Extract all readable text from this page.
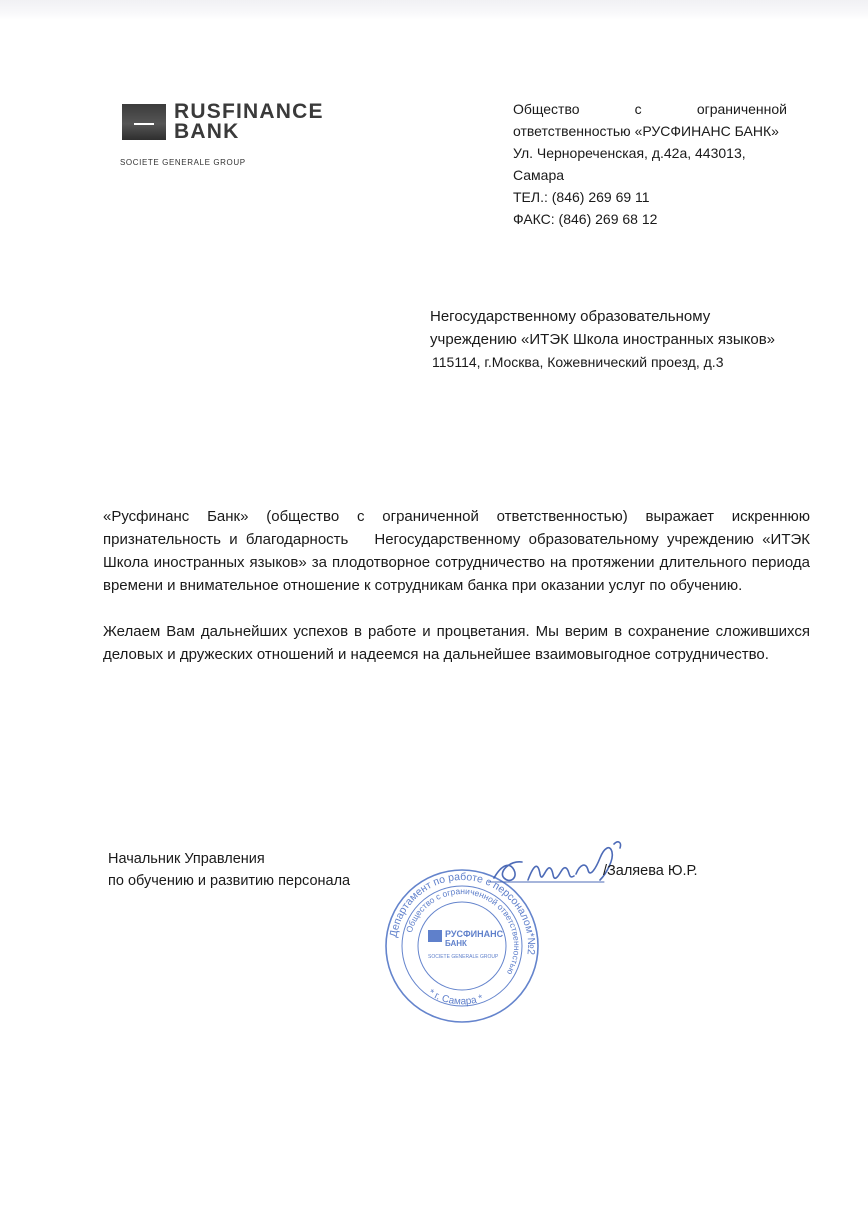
RUSFINANCE
BANK
SOCIETE GENERALE GROUP
Общество с ограниченной
ответственностью «РУСФИНАНС БАНК»
Ул. Чернореченская, д.42а, 443013,
Самара
ТЕЛ.: (846) 269 69 11
ФАКС: (846) 269 68 12
Негосударственному образовательному
учреждению «ИТЭК Школа иностранных языков»
115114, г.Москва, Кожевнический проезд, д.3

«Русфинанс Банк» (общество с ограниченной ответственностью) выражает искреннюю признательность и благодарность Негосударственному образовательному учреждению «ИТЭК Школа иностранных языков» за плодотворное сотрудничество на протяжении длительного периода времени и внимательное отношение к сотрудникам банка при оказании услуг по обучению.

Желаем Вам дальнейших успехов в работе и процветания. Мы верим в сохранение сложившихся деловых и дружеских отношений и надеемся на дальнейшее взаимовыгодное сотрудничество.

Начальник Управления
по обучению и развитию персонала
Департамент по работе с персоналом*№2
Общество с ограниченной ответственностью
* г. Самара *
РУСФИНАНС
БАНК
SOCIETE GENERALE GROUP
/Заляева Ю.Р.
